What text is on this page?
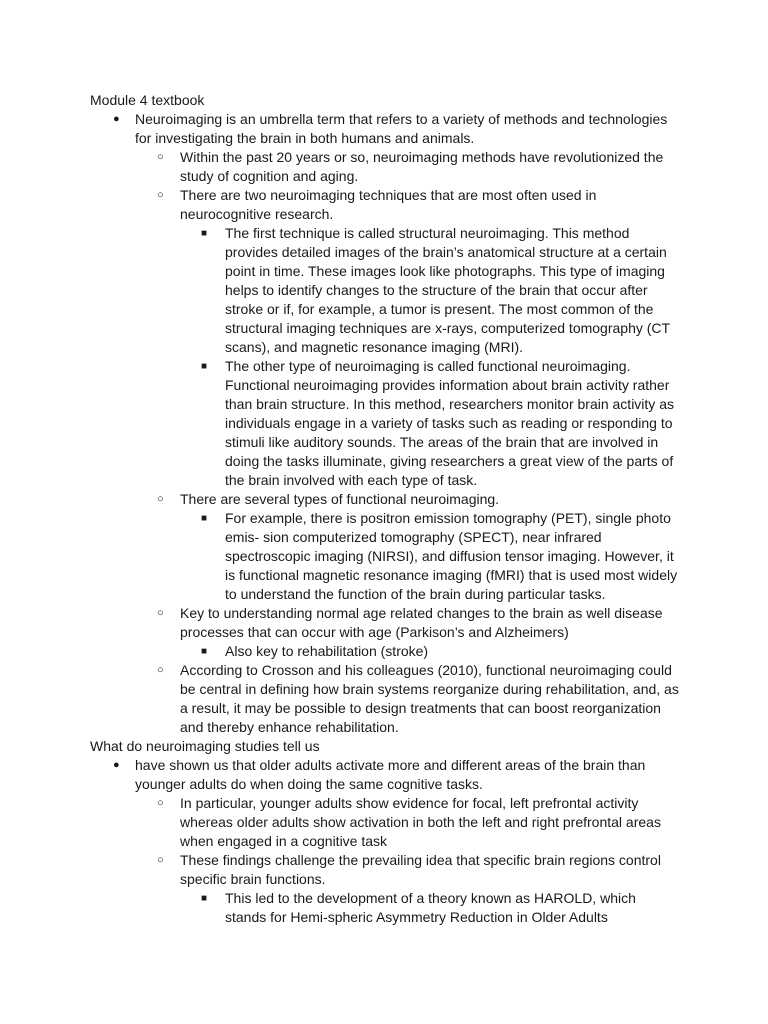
Module 4 textbook
● Neuroimaging is an umbrella term that refers to a variety of methods and technologies for investigating the brain in both humans and animals.
○ Within the past 20 years or so, neuroimaging methods have revolutionized the study of cognition and aging.
○ There are two neuroimaging techniques that are most often used in neurocognitive research.
■ The first technique is called structural neuroimaging. This method provides detailed images of the brain’s anatomical structure at a certain point in time. These images look like photographs. This type of imaging helps to identify changes to the structure of the brain that occur after stroke or if, for example, a tumor is present. The most common of the structural imaging techniques are x-rays, computerized tomography (CT scans), and magnetic resonance imaging (MRI).
■ The other type of neuroimaging is called functional neuroimaging. Functional neuroimaging provides information about brain activity rather than brain structure. In this method, researchers monitor brain activity as individuals engage in a variety of tasks such as reading or responding to stimuli like auditory sounds. The areas of the brain that are involved in doing the tasks illuminate, giving researchers a great view of the parts of the brain involved with each type of task.
○ There are several types of functional neuroimaging.
■ For example, there is positron emission tomography (PET), single photo emis- sion computerized tomography (SPECT), near infrared spectroscopic imaging (NIRSI), and diffusion tensor imaging. However, it is functional magnetic resonance imaging (fMRI) that is used most widely to understand the function of the brain during particular tasks.
○ Key to understanding normal age related changes to the brain as well disease processes that can occur with age (Parkison’s and Alzheimers)
■ Also key to rehabilitation (stroke)
○ According to Crosson and his colleagues (2010), functional neuroimaging could be central in defining how brain systems reorganize during rehabilitation, and, as a result, it may be possible to design treatments that can boost reorganization and thereby enhance rehabilitation.
What do neuroimaging studies tell us
● have shown us that older adults activate more and different areas of the brain than younger adults do when doing the same cognitive tasks.
○ In particular, younger adults show evidence for focal, left prefrontal activity whereas older adults show activation in both the left and right prefrontal areas when engaged in a cognitive task
○ These findings challenge the prevailing idea that specific brain regions control specific brain functions.
■ This led to the development of a theory known as HAROLD, which stands for Hemi-spheric Asymmetry Reduction in Older Adults
